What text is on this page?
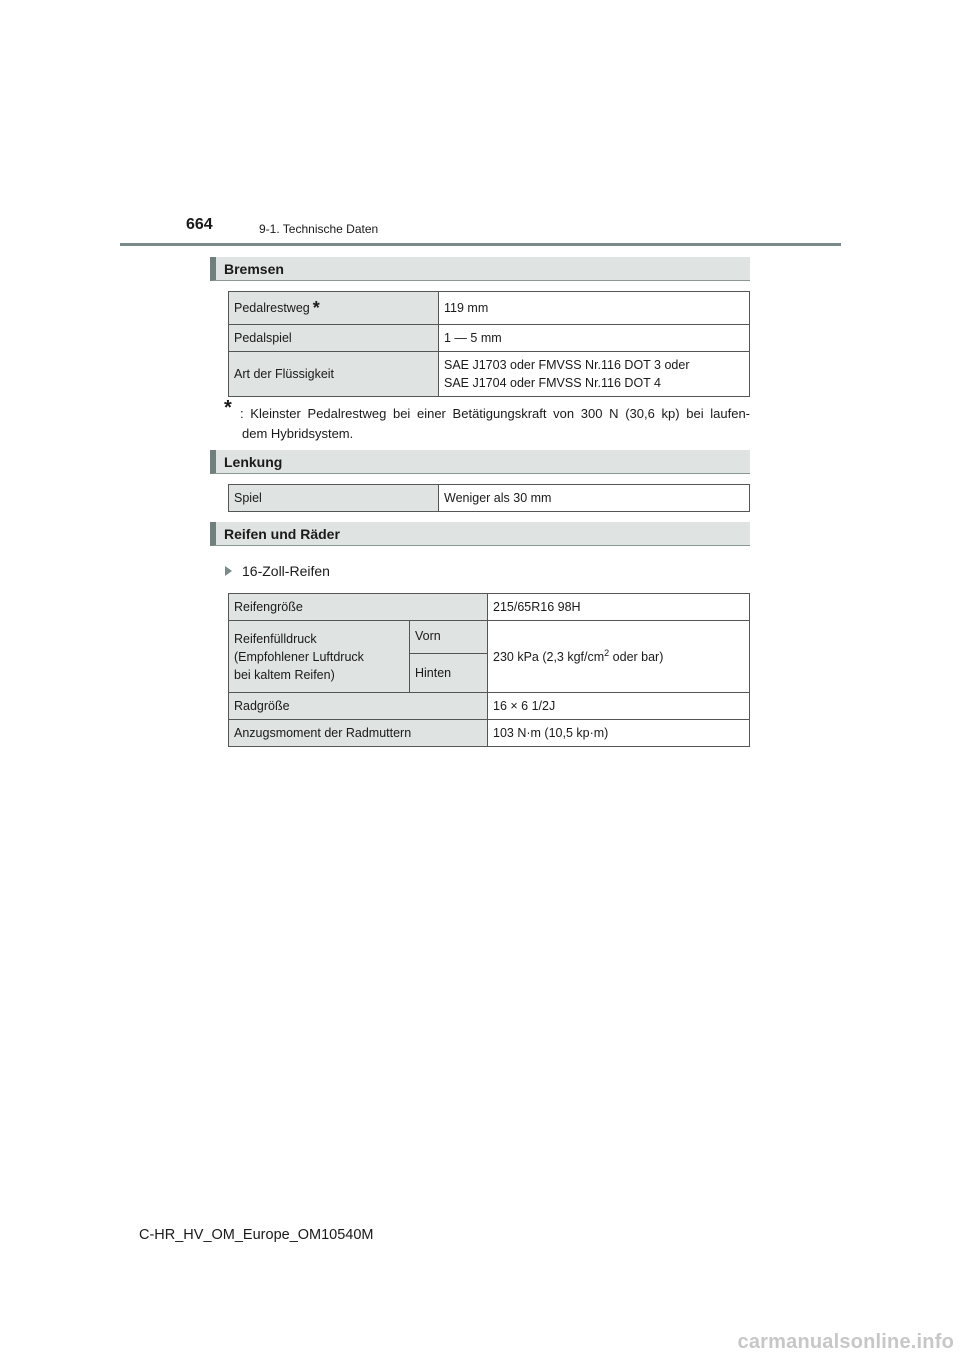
664	9-1. Technische Daten
Bremsen
Pedalrestweg *	119 mm
Pedalspiel	1 — 5 mm
Art der Flüssigkeit	SAE J1703 oder FMVSS Nr.116 DOT 3 oder
SAE J1704 oder FMVSS Nr.116 DOT 4
* : Kleinster Pedalrestweg bei einer Betätigungskraft von 300 N (30,6 kp) bei laufen-
dem Hybridsystem.
Lenkung
Spiel	Weniger als 30 mm
Reifen und Räder
16-Zoll-Reifen
Reifengröße		215/65R16 98H

Reifenfülldruck
(Empfohlener Luftdruck
bei kaltem Reifen)	Vorn	230 kPa (2,3 kgf/$cm^2$ oder bar)
	Hinten	
Radgröße		16 × 6 1/2J
Anzugsmoment der Radmuttern		103 N·m (10,5 kp·m)
C-HR_HV_OM_Europe_OM10540M
carmanualsonline.info
